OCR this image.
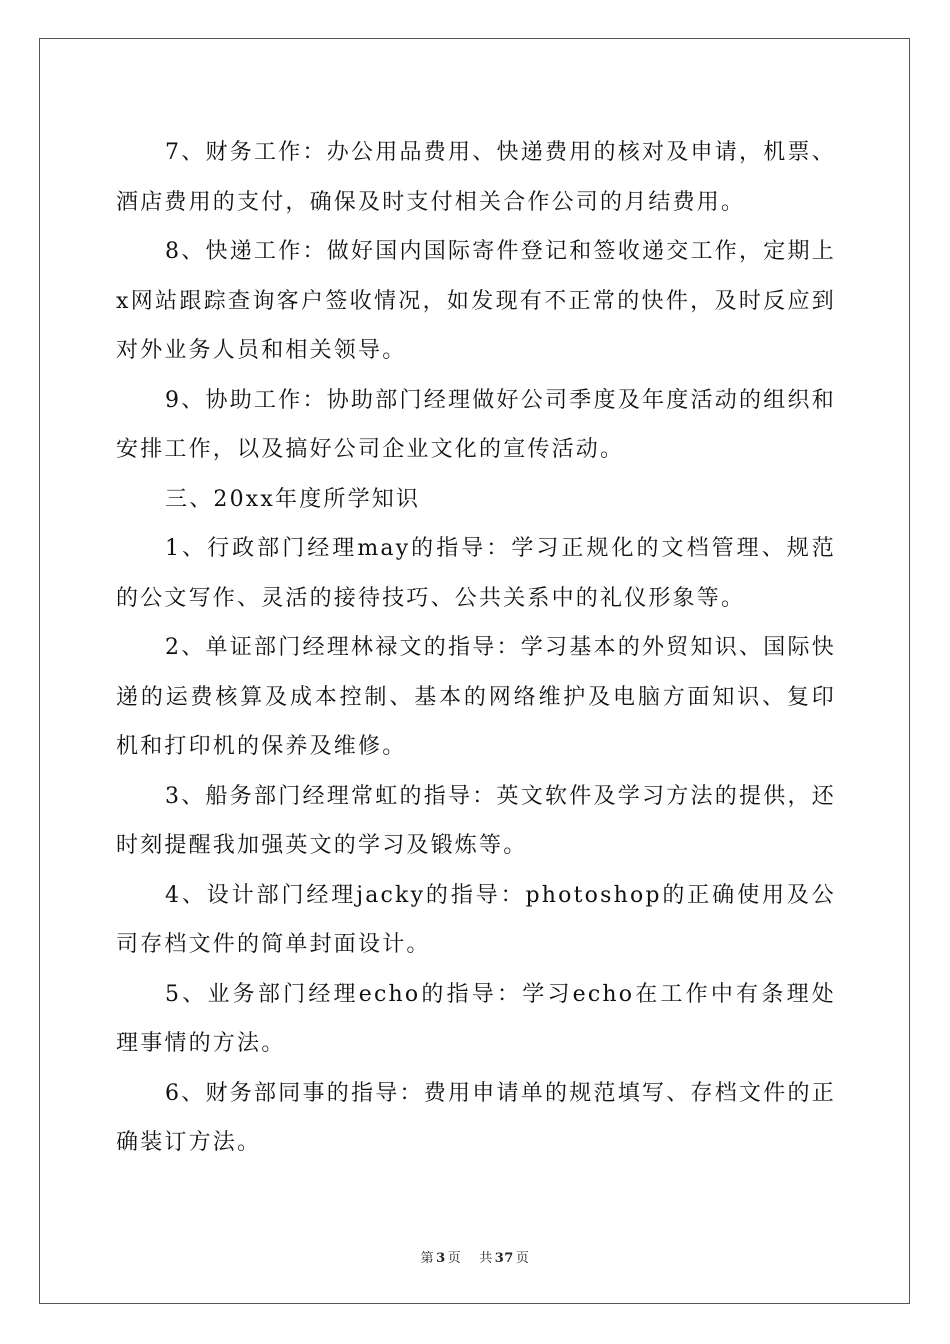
7、财务工作：办公用品费用、快递费用的核对及申请，机票、酒店费用的支付，确保及时支付相关合作公司的月结费用。

8、快递工作：做好国内国际寄件登记和签收递交工作，定期上x网站跟踪查询客户签收情况，如发现有不正常的快件，及时反应到对外业务人员和相关领导。

9、协助工作：协助部门经理做好公司季度及年度活动的组织和安排工作，以及搞好公司企业文化的宣传活动。

三、20xx年度所学知识

1、行政部门经理may的指导：学习正规化的文档管理、规范的公文写作、灵活的接待技巧、公共关系中的礼仪形象等。

2、单证部门经理林禄文的指导：学习基本的外贸知识、国际快递的运费核算及成本控制、基本的网络维护及电脑方面知识、复印机和打印机的保养及维修。

3、船务部门经理常虹的指导：英文软件及学习方法的提供，还时刻提醒我加强英文的学习及锻炼等。

4、设计部门经理jacky的指导：photoshop的正确使用及公司存档文件的简单封面设计。

5、业务部门经理echo的指导：学习echo在工作中有条理处理事情的方法。

6、财务部同事的指导：费用申请单的规范填写、存档文件的正确装订方法。

第 3 页 共 37 页
